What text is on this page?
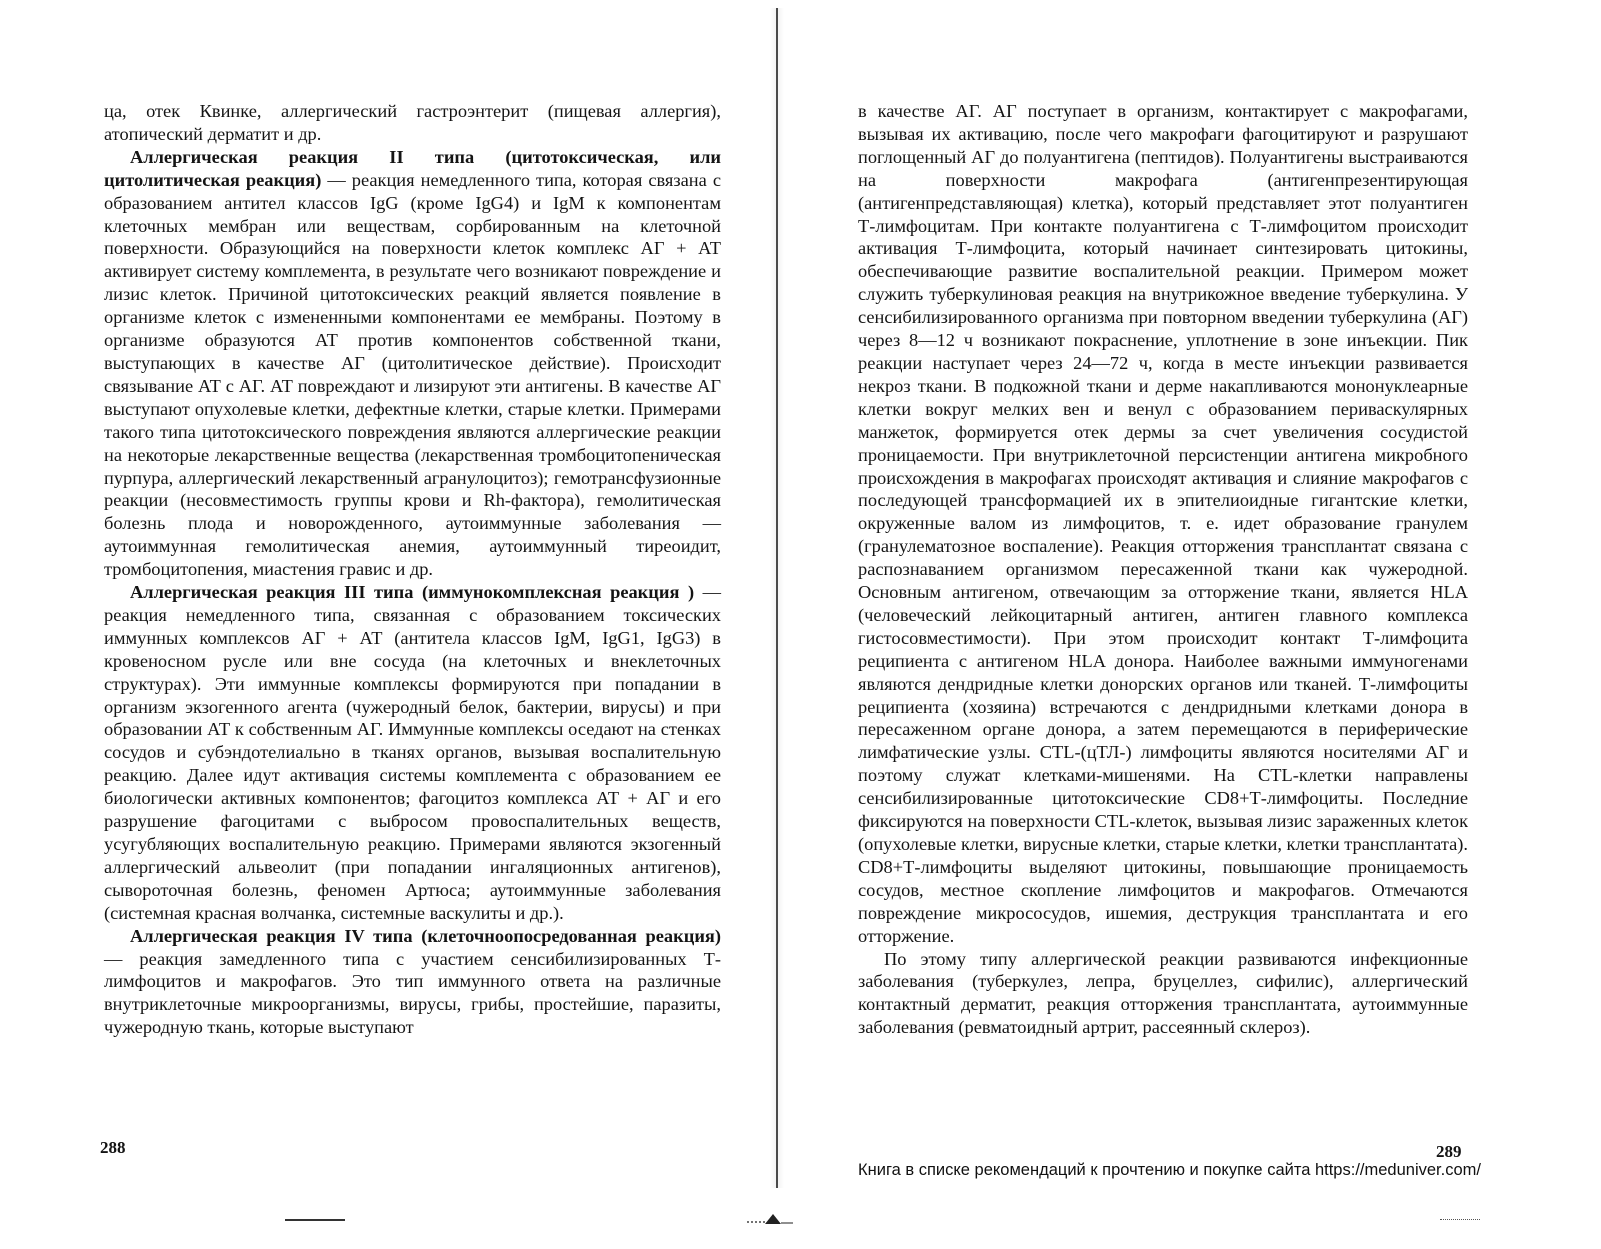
ца, отек Квинке, аллергический гастроэнтерит (пищевая аллергия), атопический дерматит и др.

Аллергическая реакция II типа (цитотоксическая, или цитолитическая реакция) — реакция немедленного типа, которая связана с образованием антител классов IgG (кроме IgG4) и IgM к компонентам клеточных мембран или веществам, сорбированным на клеточной поверхности. Образующийся на поверхности клеток комплекс АГ + АТ активирует систему комплемента, в результате чего возникают повреждение и лизис клеток. Причиной цитотоксических реакций является появление в организме клеток с измененными компонентами ее мембраны. Поэтому в организме образуются АТ против компонентов собственной ткани, выступающих в качестве АГ (цитолитическое действие). Происходит связывание АТ с АГ. АТ повреждают и лизируют эти антигены. В качестве АГ выступают опухолевые клетки, дефектные клетки, старые клетки. Примерами такого типа цитотоксического повреждения являются аллергические реакции на некоторые лекарственные вещества (лекарственная тромбоцитопеническая пурпура, аллергический лекарственный агранулоцитоз); гемотрансфузионные реакции (несовместимость группы крови и Rh-фактора), гемолитическая болезнь плода и новорожденного, аутоиммунные заболевания — аутоиммунная гемолитическая анемия, аутоиммунный тиреоидит, тромбоцитопения, миастения гравис и др.

Аллергическая реакция III типа (иммунокомплексная реакция ) — реакция немедленного типа, связанная с образованием токсических иммунных комплексов АГ + АТ (антитела классов IgM, IgG1, IgG3) в кровеносном русле или вне сосуда (на клеточных и внеклеточных структурах). Эти иммунные комплексы формируются при попадании в организм экзогенного агента (чужеродный белок, бактерии, вирусы) и при образовании АТ к собственным АГ. Иммунные комплексы оседают на стенках сосудов и субэндотелиально в тканях органов, вызывая воспалительную реакцию. Далее идут активация системы комплемента с образованием ее биологически активных компонентов; фагоцитоз комплекса АТ + АГ и его разрушение фагоцитами с выбросом провоспалительных веществ, усугубляющих воспалительную реакцию. Примерами являются экзогенный аллергический альвеолит (при попадании ингаляционных антигенов), сывороточная болезнь, феномен Артюса; аутоиммунные заболевания (системная красная волчанка, системные васкулиты и др.).

Аллергическая реакция IV типа (клеточноопосредованная реакция) — реакция замедленного типа с участием сенсибилизированных Т-лимфоцитов и макрофагов. Это тип иммунного ответа на различные внутриклеточные микроорганизмы, вирусы, грибы, простейшие, паразиты, чужеродную ткань, которые выступают

в качестве АГ. АГ поступает в организм, контактирует с макрофагами, вызывая их активацию, после чего макрофаги фагоцитируют и разрушают поглощенный АГ до полуантигена (пептидов). Полуантигены выстраиваются на поверхности макрофага (антигенпрезентирующая (антигенпредставляющая) клетка), который представляет этот полуантиген Т-лимфоцитам. При контакте полуантигена с Т-лимфоцитом происходит активация Т-лимфоцита, который начинает синтезировать цитокины, обеспечивающие развитие воспалительной реакции. Примером может служить туберкулиновая реакция на внутрикожное введение туберкулина. У сенсибилизированного организма при повторном введении туберкулина (АГ) через 8—12 ч возникают покраснение, уплотнение в зоне инъекции. Пик реакции наступает через 24—72 ч, когда в месте инъекции развивается некроз ткани. В подкожной ткани и дерме накапливаются мононуклеарные клетки вокруг мелких вен и венул с образованием периваскулярных манжеток, формируется отек дермы за счет увеличения сосудистой проницаемости. При внутриклеточной персистенции антигена микробного происхождения в макрофагах происходят активация и слияние макрофагов с последующей трансформацией их в эпителиоидные гигантские клетки, окруженные валом из лимфоцитов, т. е. идет образование гранулем (гранулематозное воспаление). Реакция отторжения трансплантат связана с распознаванием организмом пересаженной ткани как чужеродной. Основным антигеном, отвечающим за отторжение ткани, является HLA (человеческий лейкоцитарный антиген, антиген главного комплекса гистосовместимости). При этом происходит контакт Т-лимфоцита реципиента с антигеном HLA донора. Наиболее важными иммуногенами являются дендридные клетки донорских органов или тканей. Т-лимфоциты реципиента (хозяина) встречаются с дендридными клетками донора в пересаженном органе донора, а затем перемещаются в периферические лимфатические узлы. CTL-(цТЛ-) лимфоциты являются носителями АГ и поэтому служат клетками-мишенями. На CTL-клетки направлены сенсибилизированные цитотоксические CD8+Т-лимфоциты. Последние фиксируются на поверхности CTL-клеток, вызывая лизис зараженных клеток (опухолевые клетки, вирусные клетки, старые клетки, клетки трансплантата). CD8+Т-лимфоциты выделяют цитокины, повышающие проницаемость сосудов, местное скопление лимфоцитов и макрофагов. Отмечаются повреждение микрососудов, ишемия, деструкция трансплантата и его отторжение.

По этому типу аллергической реакции развиваются инфекционные заболевания (туберкулез, лепра, бруцеллез, сифилис), аллергический контактный дерматит, реакция отторжения трансплантата, аутоиммунные заболевания (ревматоидный артрит, рассеянный склероз).

288	289
Книга в списке рекомендаций к прочтению и покупке сайта https://meduniver.com/
